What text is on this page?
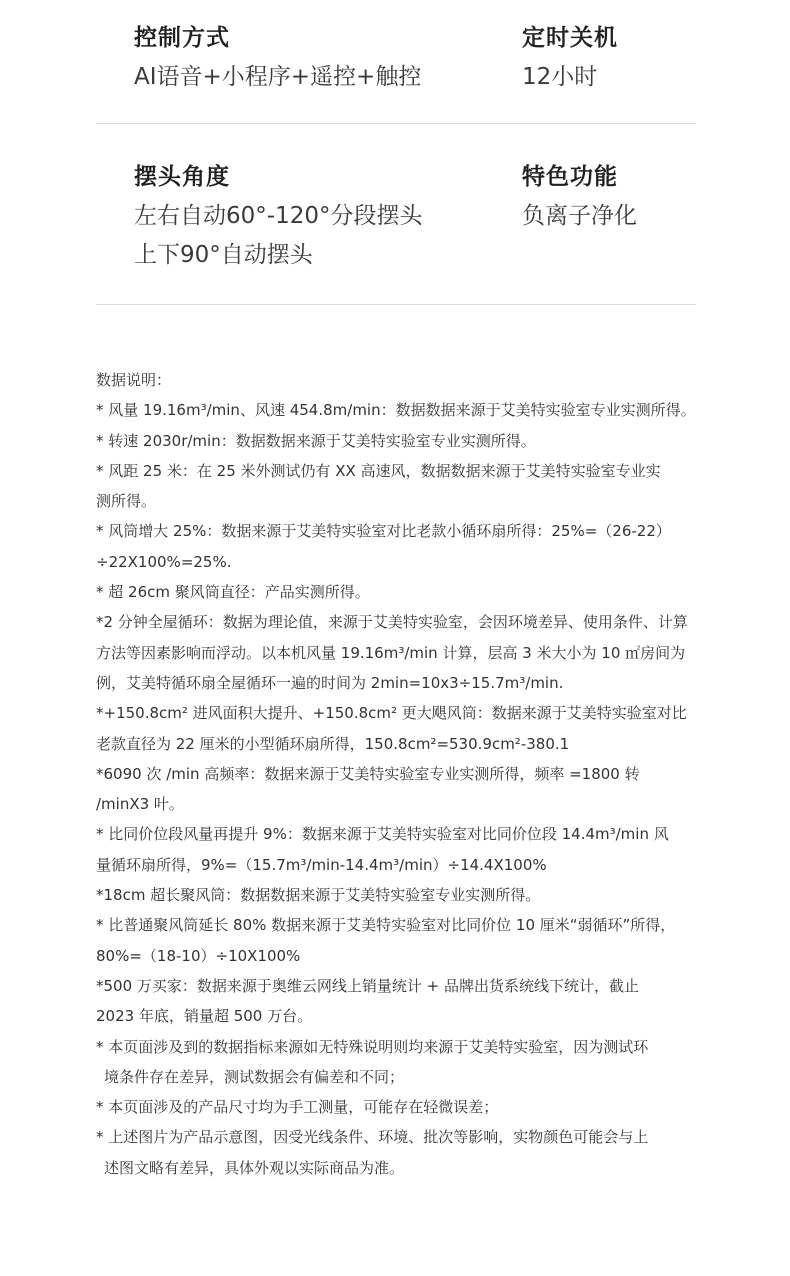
控制方式
AI语音+小程序+遥控+触控
定时关机
12小时
摆头角度
左右自动60°-120°分段摆头
上下90°自动摆头
特色功能
负离子净化
数据说明：
* 风量 19.16m³/min、风速 454.8m/min：数据数据来源于艾美特实验室专业实测所得。
* 转速 2030r/min：数据数据来源于艾美特实验室专业实测所得。
* 风距 25 米：在 25 米外测试仍有 XX 高速风，数据数据来源于艾美特实验室专业实
测所得。
* 风筒增大 25%：数据来源于艾美特实验室对比老款小循环扇所得：25%=（26-22）
÷22X100%=25%.
* 超 26cm 聚风筒直径：产品实测所得。
*2 分钟全屋循环：数据为理论值，来源于艾美特实验室，会因环境差异、使用条件、计算
方法等因素影响而浮动。以本机风量 19.16m³/min 计算，层高 3 米大小为 10 ㎡房间为
例，艾美特循环扇全屋循环一遍的时间为 2min=10x3÷15.7m³/min.
*+150.8cm² 进风面积大提升、+150.8cm² 更大飓风筒：数据来源于艾美特实验室对比
老款直径为 22 厘米的小型循环扇所得，150.8cm²=530.9cm²-380.1
*6090 次 /min 高频率：数据来源于艾美特实验室专业实测所得，频率 =1800 转
/minX3 叶。
* 比同价位段风量再提升 9%：数据来源于艾美特实验室对比同价位段 14.4m³/min 风
量循环扇所得，9%=（15.7m³/min-14.4m³/min）÷14.4X100%
*18cm 超长聚风筒：数据数据来源于艾美特实验室专业实测所得。
* 比普通聚风筒延长 80% 数据来源于艾美特实验室对比同价位 10 厘米“弱循环”所得，
80%=（18-10）÷10X100%
*500 万买家：数据来源于奥维云网线上销量统计 + 品牌出货系统线下统计，截止
2023 年底，销量超 500 万台。
* 本页面涉及到的数据指标来源如无特殊说明则均来源于艾美特实验室，因为测试环
境条件存在差异，测试数据会有偏差和不同；
* 本页面涉及的产品尺寸均为手工测量，可能存在轻微误差；
* 上述图片为产品示意图，因受光线条件、环境、批次等影响，实物颜色可能会与上
述图文略有差异，具体外观以实际商品为准。
